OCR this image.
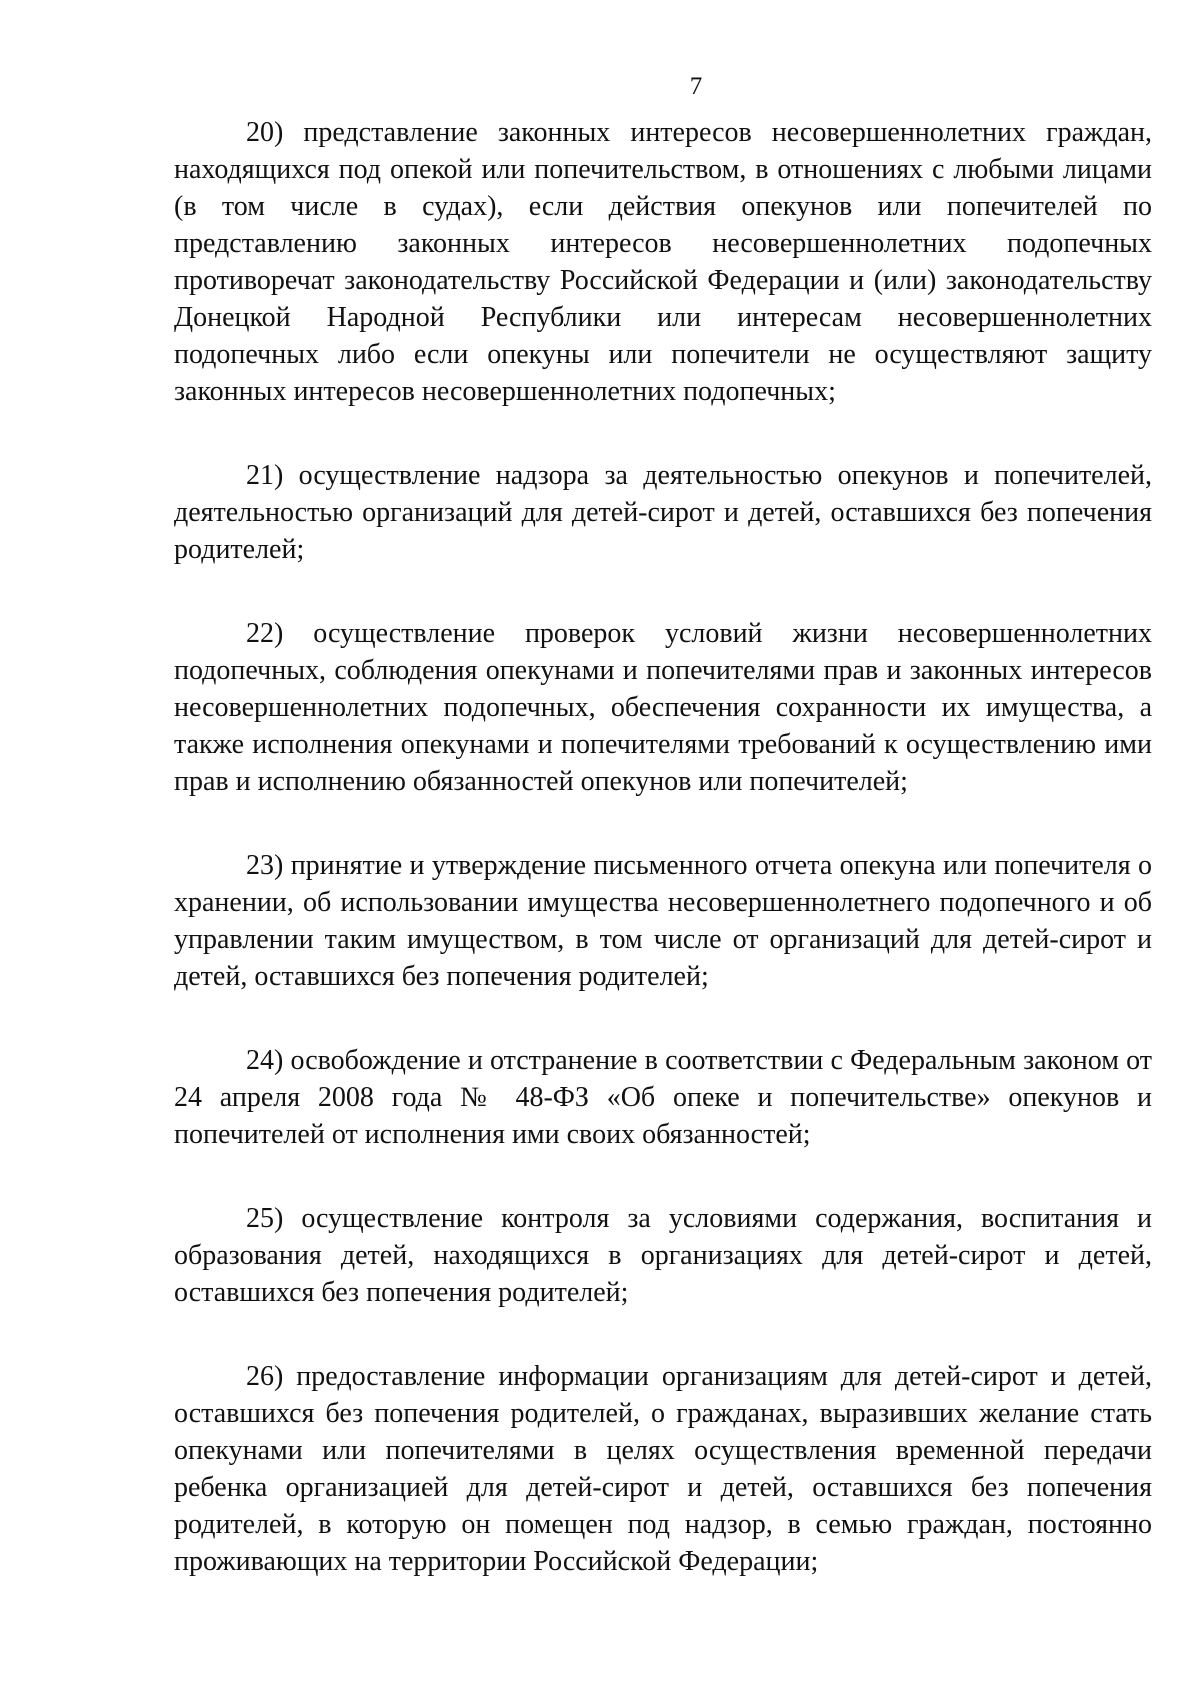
7

20) представление законных интересов несовершеннолетних граждан, находящихся под опекой или попечительством, в отношениях с любыми лицами (в том числе в судах), если действия опекунов или попечителей по представлению законных интересов несовершеннолетних подопечных противоречат законодательству Российской Федерации и (или) законодательству Донецкой Народной Республики или интересам несовершеннолетних подопечных либо если опекуны или попечители не осуществляют защиту законных интересов несовершеннолетних подопечных;

21) осуществление надзора за деятельностью опекунов и попечителей, деятельностью организаций для детей-сирот и детей, оставшихся без попечения родителей;

22) осуществление проверок условий жизни несовершеннолетних подопечных, соблюдения опекунами и попечителями прав и законных интересов несовершеннолетних подопечных, обеспечения сохранности их имущества, а также исполнения опекунами и попечителями требований к осуществлению ими прав и исполнению обязанностей опекунов или попечителей;

23) принятие и утверждение письменного отчета опекуна или попечителя о хранении, об использовании имущества несовершеннолетнего подопечного и об управлении таким имуществом, в том числе от организаций для детей-сирот и детей, оставшихся без попечения родителей;

24) освобождение и отстранение в соответствии с Федеральным законом от 24 апреля 2008 года № 48-ФЗ «Об опеке и попечительстве» опекунов и попечителей от исполнения ими своих обязанностей;

25) осуществление контроля за условиями содержания, воспитания и образования детей, находящихся в организациях для детей-сирот и детей, оставшихся без попечения родителей;

26) предоставление информации организациям для детей-сирот и детей, оставшихся без попечения родителей, о гражданах, выразивших желание стать опекунами или попечителями в целях осуществления временной передачи ребенка организацией для детей-сирот и детей, оставшихся без попечения родителей, в которую он помещен под надзор, в семью граждан, постоянно проживающих на территории Российской Федерации;
